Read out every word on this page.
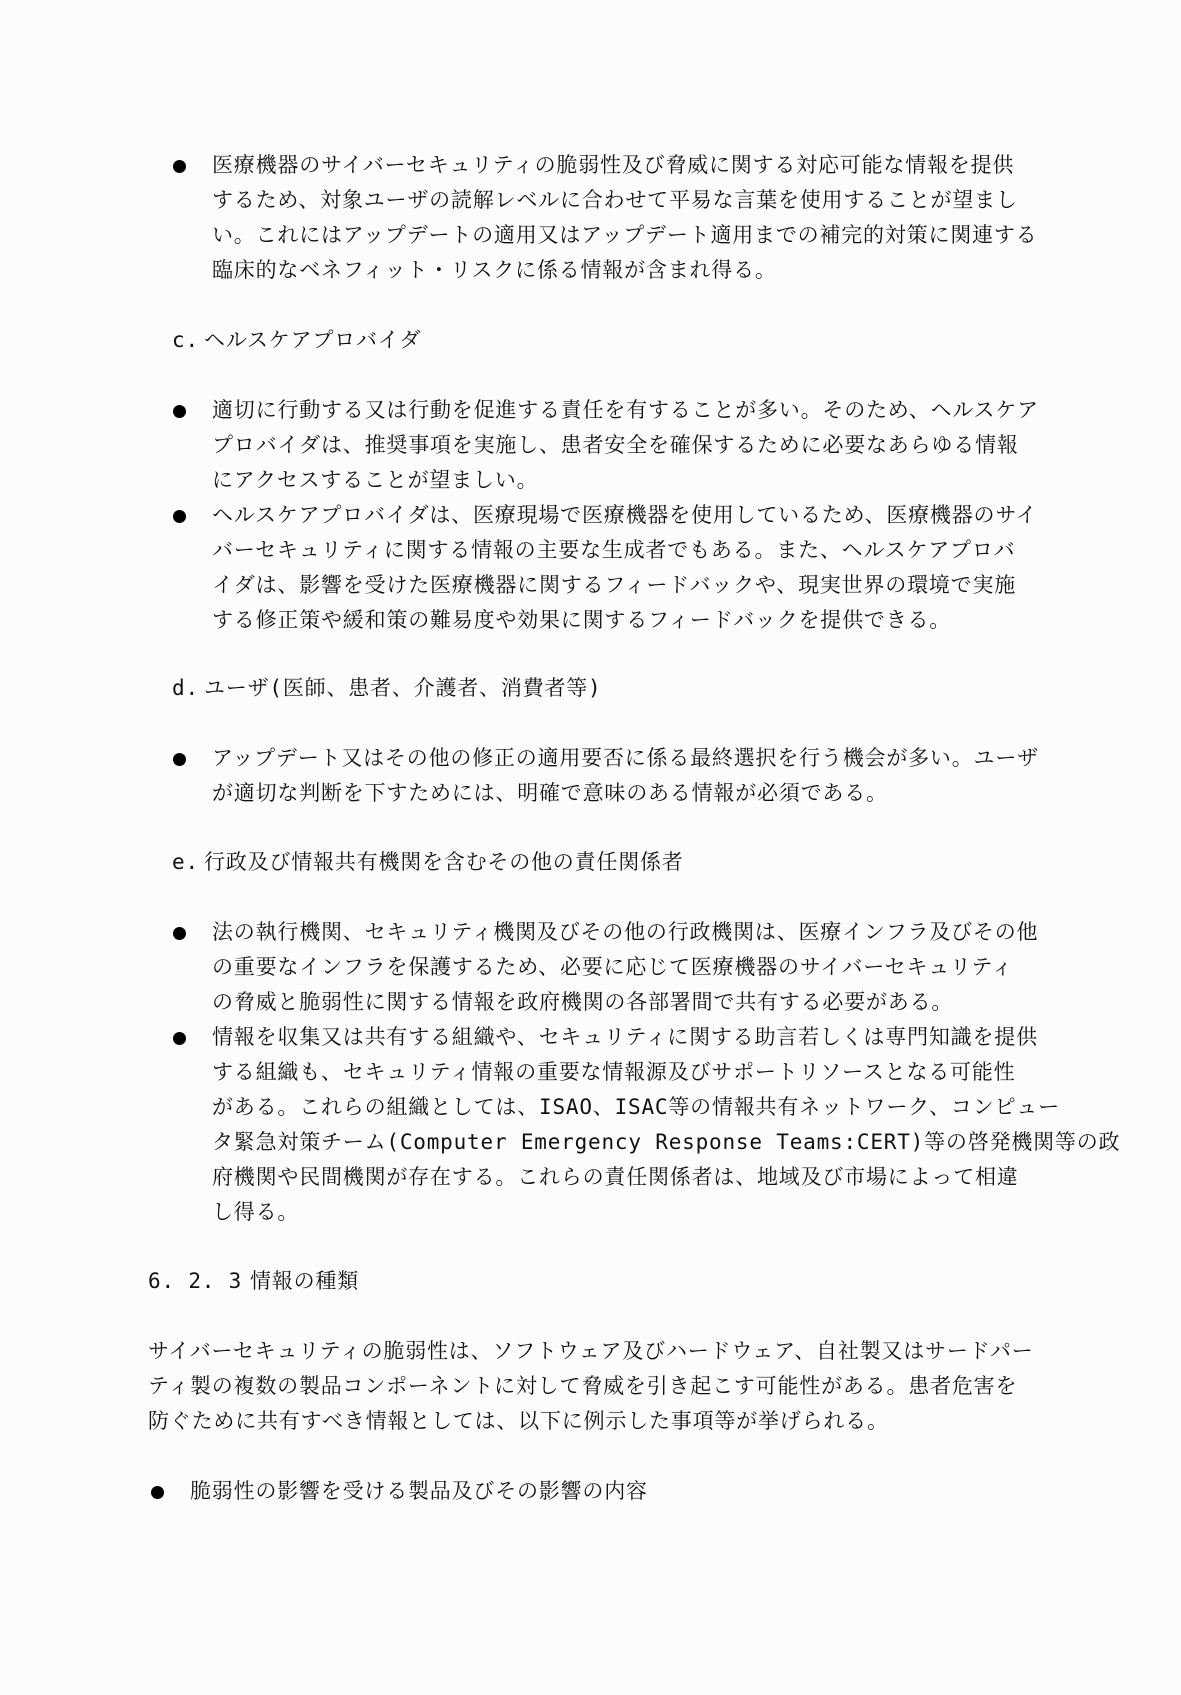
医療機器のサイバーセキュリティの脆弱性及び脅威に関する対応可能な情報を提供
するため、対象ユーザの読解レベルに合わせて平易な言葉を使用することが望まし
い。これにはアップデートの適用又はアップデート適用までの補完的対策に関連する
臨床的なベネフィット・リスクに係る情報が含まれ得る。
c. ヘルスケアプロバイダ
適切に行動する又は行動を促進する責任を有することが多い。そのため、ヘルスケア
プロバイダは、推奨事項を実施し、患者安全を確保するために必要なあらゆる情報
にアクセスすることが望ましい。
ヘルスケアプロバイダは、医療現場で医療機器を使用しているため、医療機器のサイ
バーセキュリティに関する情報の主要な生成者でもある。また、ヘルスケアプロバ
イダは、影響を受けた医療機器に関するフィードバックや、現実世界の環境で実施
する修正策や緩和策の難易度や効果に関するフィードバックを提供できる。
d. ユーザ(医師、患者、介護者、消費者等)
アップデート又はその他の修正の適用要否に係る最終選択を行う機会が多い。ユーザ
が適切な判断を下すためには、明確で意味のある情報が必須である。
e. 行政及び情報共有機関を含むその他の責任関係者
法の執行機関、セキュリティ機関及びその他の行政機関は、医療インフラ及びその他
の重要なインフラを保護するため、必要に応じて医療機器のサイバーセキュリティ
の脅威と脆弱性に関する情報を政府機関の各部署間で共有する必要がある。
情報を収集又は共有する組織や、セキュリティに関する助言若しくは専門知識を提供
する組織も、セキュリティ情報の重要な情報源及びサポートリソースとなる可能性
がある。これらの組織としては、ISAO、ISAC等の情報共有ネットワーク、コンピュー
タ緊急対策チーム(Computer Emergency Response Teams:CERT)等の啓発機関等の政
府機関や民間機関が存在する。これらの責任関係者は、地域及び市場によって相違
し得る。
6. 2. 3 情報の種類
サイバーセキュリティの脆弱性は、ソフトウェア及びハードウェア、自社製又はサードパー
ティ製の複数の製品コンポーネントに対して脅威を引き起こす可能性がある。患者危害を
防ぐために共有すべき情報としては、以下に例示した事項等が挙げられる。
脆弱性の影響を受ける製品及びその影響の内容
